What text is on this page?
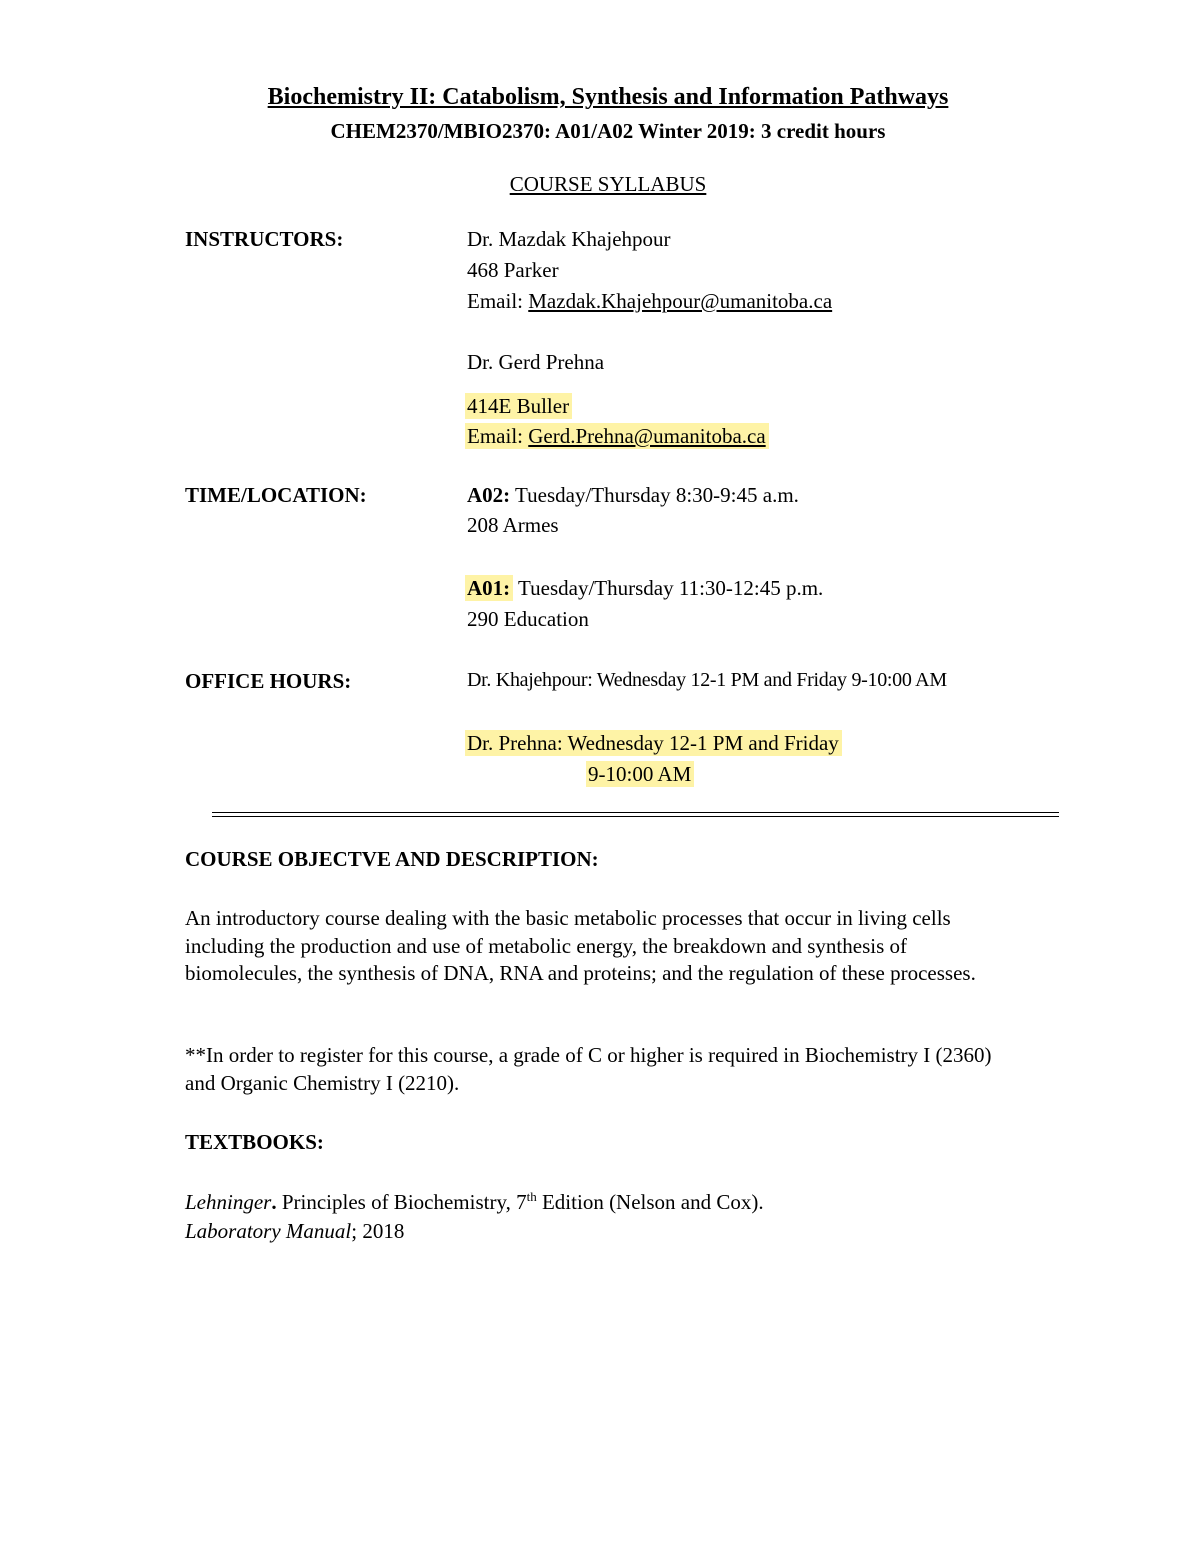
Biochemistry II: Catabolism, Synthesis and Information Pathways
CHEM2370/MBIO2370: A01/A02 Winter 2019: 3 credit hours
COURSE SYLLABUS
INSTRUCTORS:	Dr. Mazdak Khajehpour
468 Parker
Email: Mazdak.Khajehpour@umanitoba.ca
Dr. Gerd Prehna
414E Buller
Email: Gerd.Prehna@umanitoba.ca
TIME/LOCATION:	A02: Tuesday/Thursday 8:30-9:45 a.m.
208 Armes
A01: Tuesday/Thursday 11:30-12:45 p.m.
290 Education
OFFICE HOURS:	Dr. Khajehpour: Wednesday 12-1 PM and Friday 9-10:00 AM
Dr. Prehna: Wednesday 12-1 PM and Friday
9-10:00 AM
COURSE OBJECTVE AND DESCRIPTION:
An introductory course dealing with the basic metabolic processes that occur in living cells including the production and use of metabolic energy, the breakdown and synthesis of biomolecules, the synthesis of DNA, RNA and proteins; and the regulation of these processes.
**In order to register for this course, a grade of C or higher is required in Biochemistry I (2360) and Organic Chemistry I (2210).
TEXTBOOKS:
Lehninger. Principles of Biochemistry, 7th Edition (Nelson and Cox).
Laboratory Manual; 2018
